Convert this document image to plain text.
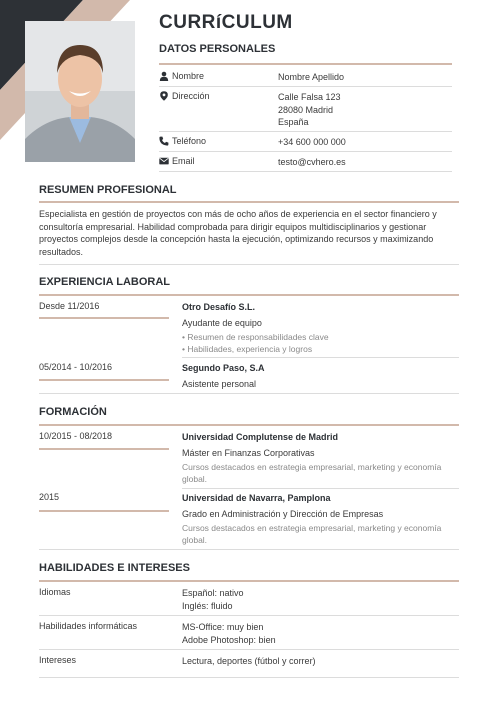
CURRíCULUM
DATOS PERSONALES
Nombre	Nombre Apellido
Dirección	Calle Falsa 123
28080 Madrid
España
Teléfono	+34 600 000 000
Email	testo@cvhero.es
RESUMEN PROFESIONAL
Especialista en gestión de proyectos con más de ocho años de experiencia en el sector financiero y consultoría empresarial. Habilidad comprobada para dirigir equipos multidisciplinarios y gestionar proyectos complejos desde la concepción hasta la ejecución, optimizando recursos y maximizando resultados.
EXPERIENCIA LABORAL
Desde 11/2016	Otro Desafío S.L.
Ayudante de equipo
• Resumen de responsabilidades clave
• Habilidades, experiencia y logros
05/2014 - 10/2016	Segundo Paso, S.A
Asistente personal
FORMACIÓN
10/2015 - 08/2018	Universidad Complutense de Madrid
Máster en Finanzas Corporativas
Cursos destacados en estrategia empresarial, marketing y economía global.
2015	Universidad de Navarra, Pamplona
Grado en Administración y Dirección de Empresas
Cursos destacados en estrategia empresarial, marketing y economía global.
HABILIDADES E INTERESES
Idiomas	Español: nativo
Inglés: fluido
Habilidades informáticas	MS-Office: muy bien
Adobe Photoshop: bien
Intereses	Lectura, deportes (fútbol y correr)
